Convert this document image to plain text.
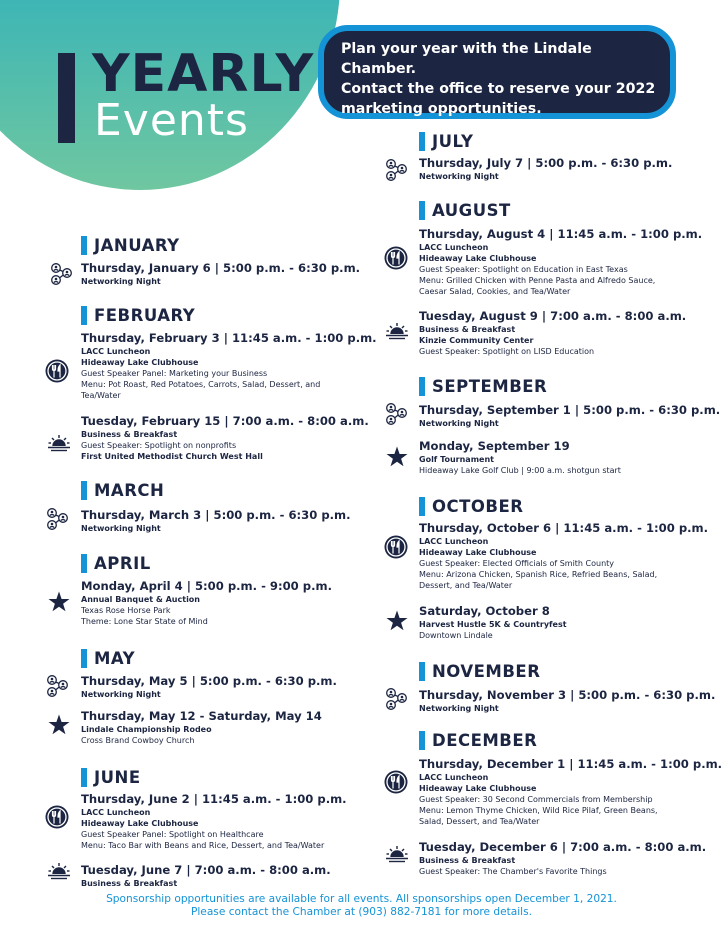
YEARLY
Events
Plan your year with the Lindale Chamber.
Contact the office to reserve your 2022
marketing opportunities.
JANUARY
Thursday, January 6 | 5:00 p.m. - 6:30 p.m.
Networking Night
FEBRUARY
Thursday, February 3 | 11:45 a.m. - 1:00 p.m.
LACC Luncheon
Hideaway Lake Clubhouse
Guest Speaker Panel: Marketing your Business
Menu: Pot Roast, Red Potatoes, Carrots, Salad, Dessert, and
Tea/Water
Tuesday, February 15 | 7:00 a.m. - 8:00 a.m.
Business & Breakfast
Guest Speaker: Spotlight on nonprofits
First United Methodist Church West Hall
MARCH
Thursday, March 3 | 5:00 p.m. - 6:30 p.m.
Networking Night
APRIL
Monday, April 4 | 5:00 p.m. - 9:00 p.m.
Annual Banquet & Auction
Texas Rose Horse Park
Theme: Lone Star State of Mind
MAY
Thursday, May 5 | 5:00 p.m. - 6:30 p.m.
Networking Night
Thursday, May 12 - Saturday, May 14
Lindale Championship Rodeo
Cross Brand Cowboy Church
JUNE
Thursday, June 2 | 11:45 a.m. - 1:00 p.m.
LACC Luncheon
Hideaway Lake Clubhouse
Guest Speaker Panel: Spotlight on Healthcare
Menu: Taco Bar with Beans and Rice, Dessert, and Tea/Water
Tuesday, June 7 | 7:00 a.m. - 8:00 a.m.
Business & Breakfast
JULY
Thursday, July 7 | 5:00 p.m. - 6:30 p.m.
Networking Night
AUGUST
Thursday, August 4 | 11:45 a.m. - 1:00 p.m.
LACC Luncheon
Hideaway Lake Clubhouse
Guest Speaker: Spotlight on Education in East Texas
Menu: Grilled Chicken with Penne Pasta and Alfredo Sauce,
Caesar Salad, Cookies, and Tea/Water
Tuesday, August 9 | 7:00 a.m. - 8:00 a.m.
Business & Breakfast
Kinzie Community Center
Guest Speaker: Spotlight on LISD Education
SEPTEMBER
Thursday, September 1 | 5:00 p.m. - 6:30 p.m.
Networking Night
Monday, September 19
Golf Tournament
Hideaway Lake Golf Club | 9:00 a.m. shotgun start
OCTOBER
Thursday, October 6 | 11:45 a.m. - 1:00 p.m.
LACC Luncheon
Hideaway Lake Clubhouse
Guest Speaker: Elected Officials of Smith County
Menu: Arizona Chicken, Spanish Rice, Refried Beans, Salad,
Dessert, and Tea/Water
Saturday, October 8
Harvest Hustle 5K & Countryfest
Downtown Lindale
NOVEMBER
Thursday, November 3 | 5:00 p.m. - 6:30 p.m.
Networking Night
DECEMBER
Thursday, December 1 | 11:45 a.m. - 1:00 p.m.
LACC Luncheon
Hideaway Lake Clubhouse
Guest Speaker: 30 Second Commercials from Membership
Menu: Lemon Thyme Chicken, Wild Rice Pilaf, Green Beans,
Salad, Dessert, and Tea/Water
Tuesday, December 6 | 7:00 a.m. - 8:00 a.m.
Business & Breakfast
Guest Speaker: The Chamber's Favorite Things
Sponsorship opportunities are available for all events. All sponsorships open December 1, 2021.
Please contact the Chamber at (903) 882-7181 for more details.
